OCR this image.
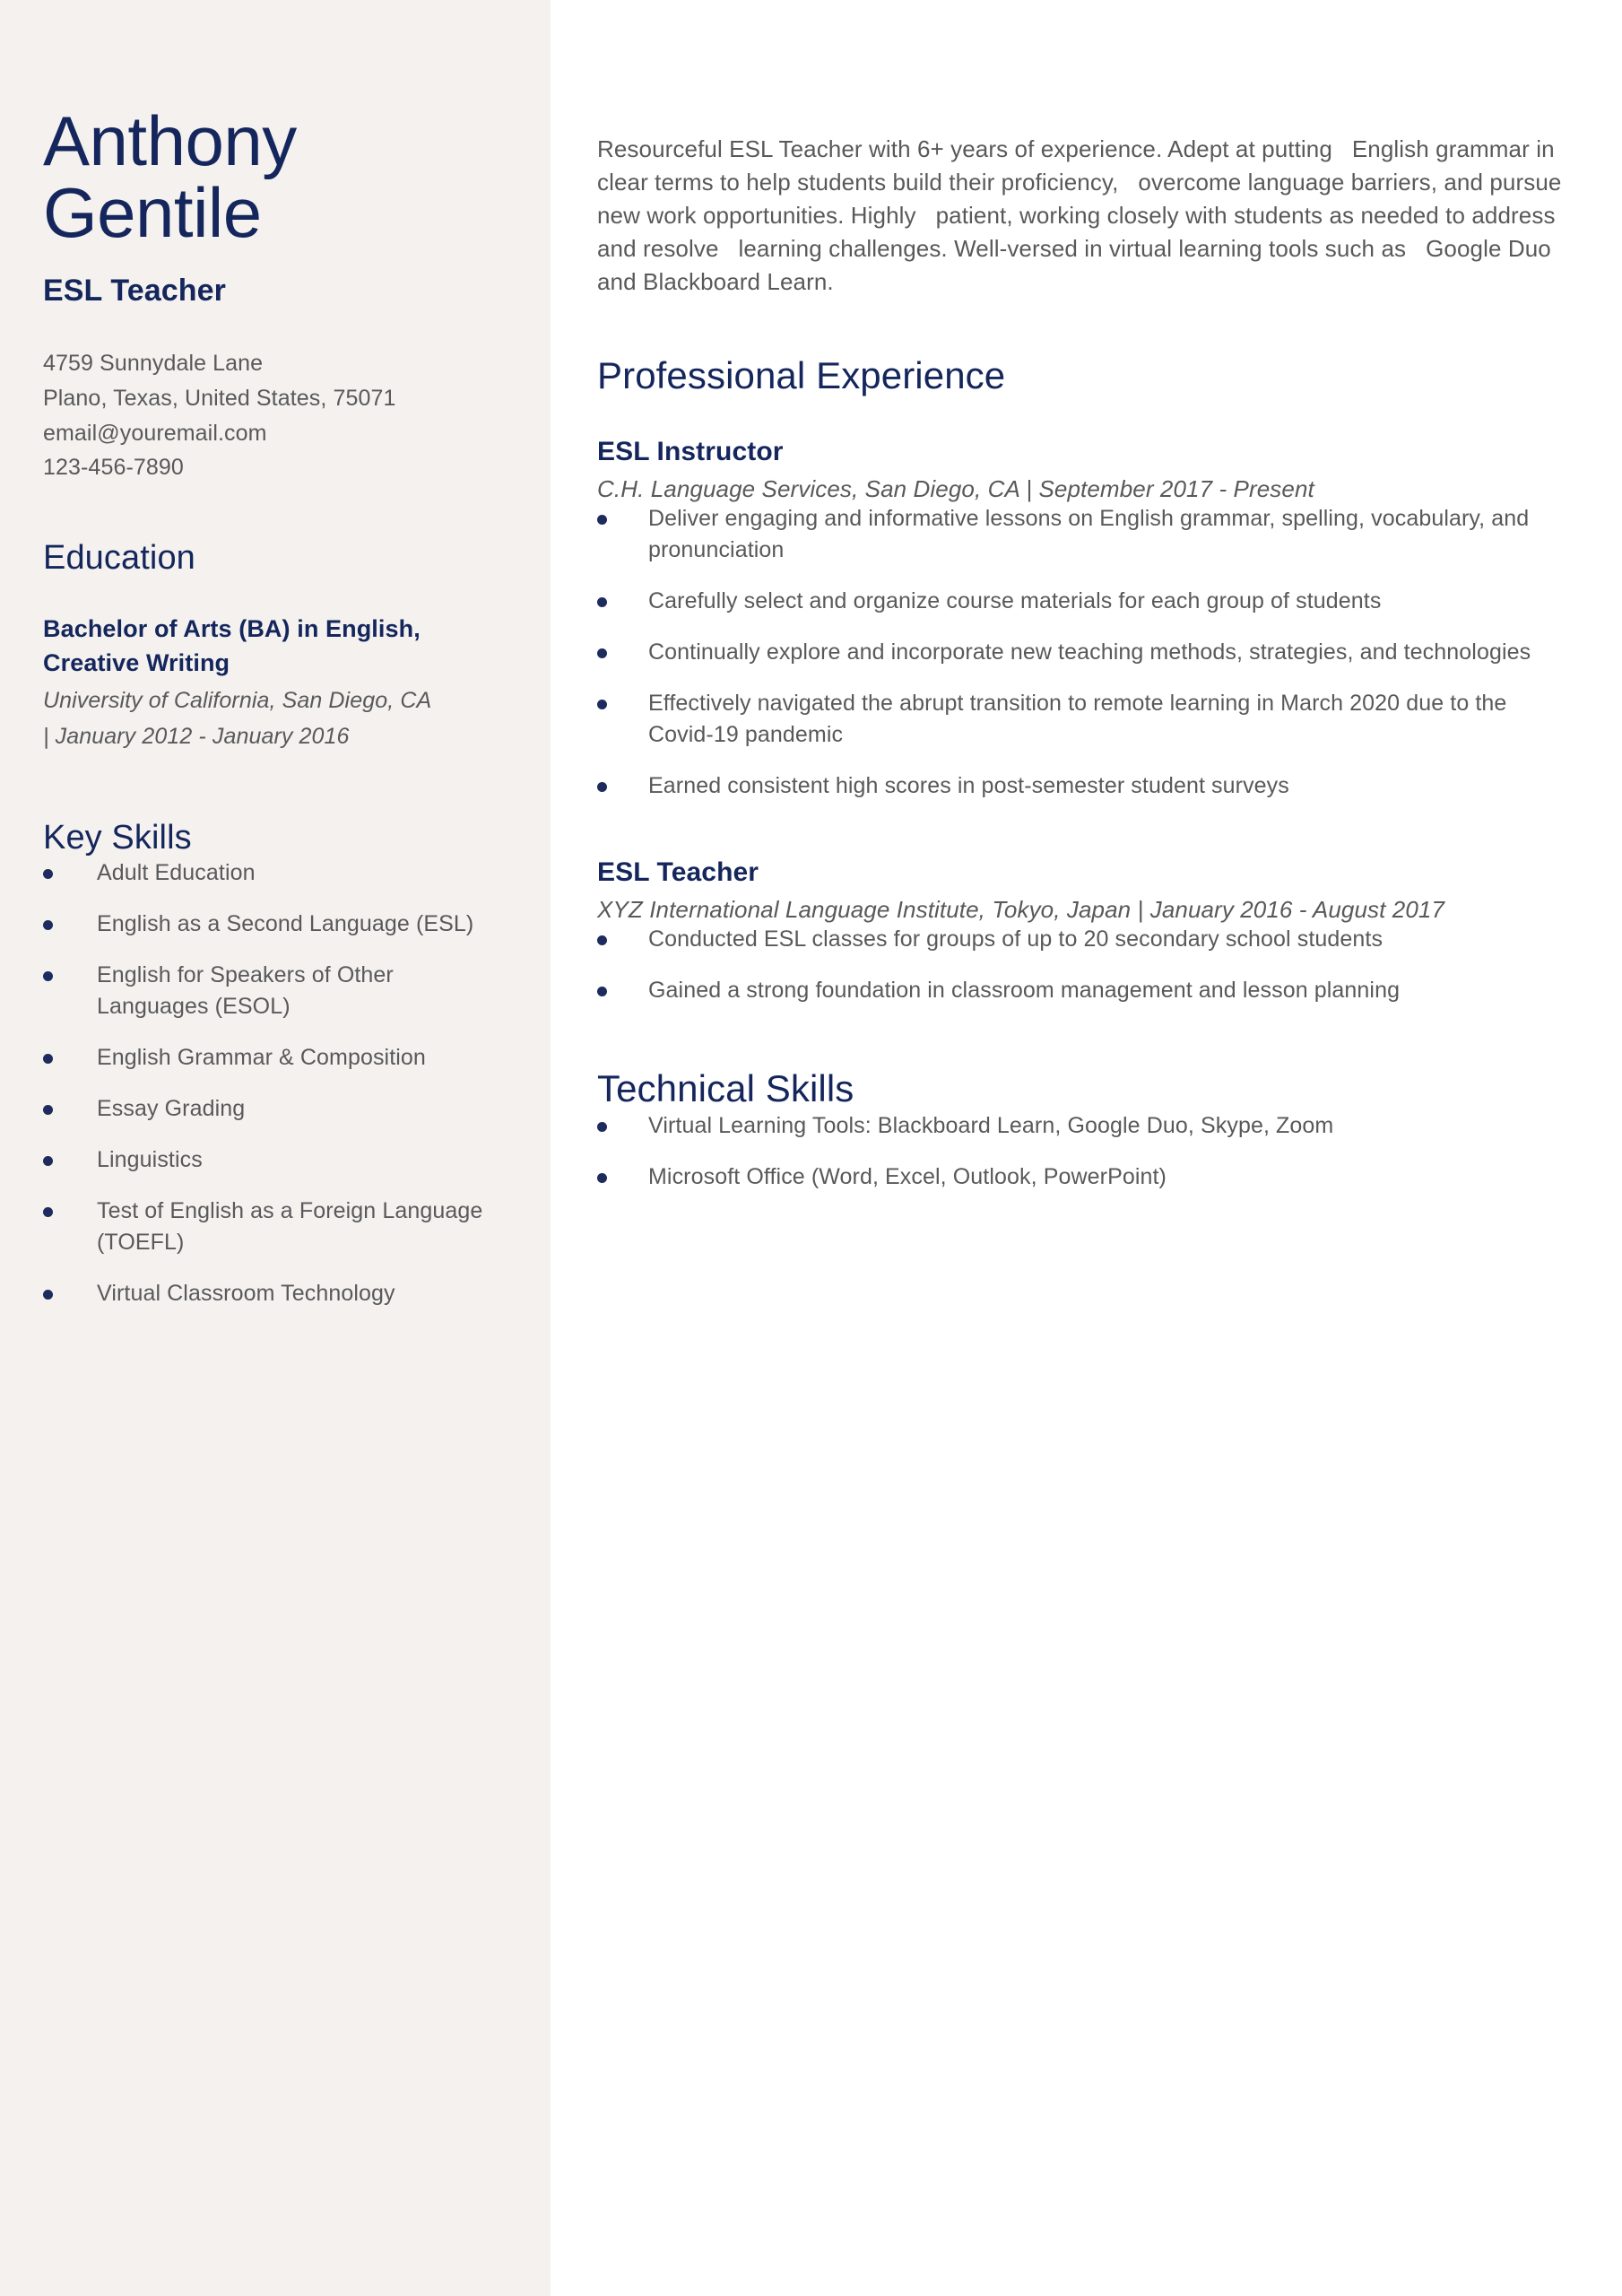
Anthony
Gentile
ESL Teacher
4759 Sunnydale Lane
Plano, Texas, United States, 75071
email@youremail.com
123-456-7890
Education
Bachelor of Arts (BA) in English, Creative Writing
University of California, San Diego, CA
| January 2012 - January 2016
Key Skills
Adult Education
English as a Second Language (ESL)
English for Speakers of Other Languages (ESOL)
English Grammar & Composition
Essay Grading
Linguistics
Test of English as a Foreign Language (TOEFL)
Virtual Classroom Technology

Resourceful ESL Teacher with 6+ years of experience. Adept at putting   English grammar in clear terms to help students build their proficiency,   overcome language barriers, and pursue new work opportunities. Highly   patient, working closely with students as needed to address and resolve   learning challenges. Well-versed in virtual learning tools such as   Google Duo and Blackboard Learn.

Professional Experience
ESL Instructor
C.H. Language Services, San Diego, CA | September 2017 - Present
Deliver engaging and informative lessons on English grammar, spelling, vocabulary, and pronunciation
Carefully select and organize course materials for each group of students
Continually explore and incorporate new teaching methods, strategies, and technologies
Effectively navigated the abrupt transition to remote learning in March 2020 due to the Covid-19 pandemic
Earned consistent high scores in post-semester student surveys
ESL Teacher
XYZ International Language Institute, Tokyo, Japan | January 2016 - August 2017
Conducted ESL classes for groups of up to 20 secondary school students
Gained a strong foundation in classroom management and lesson planning
Technical Skills
Virtual Learning Tools: Blackboard Learn, Google Duo, Skype, Zoom
Microsoft Office (Word, Excel, Outlook, PowerPoint)
